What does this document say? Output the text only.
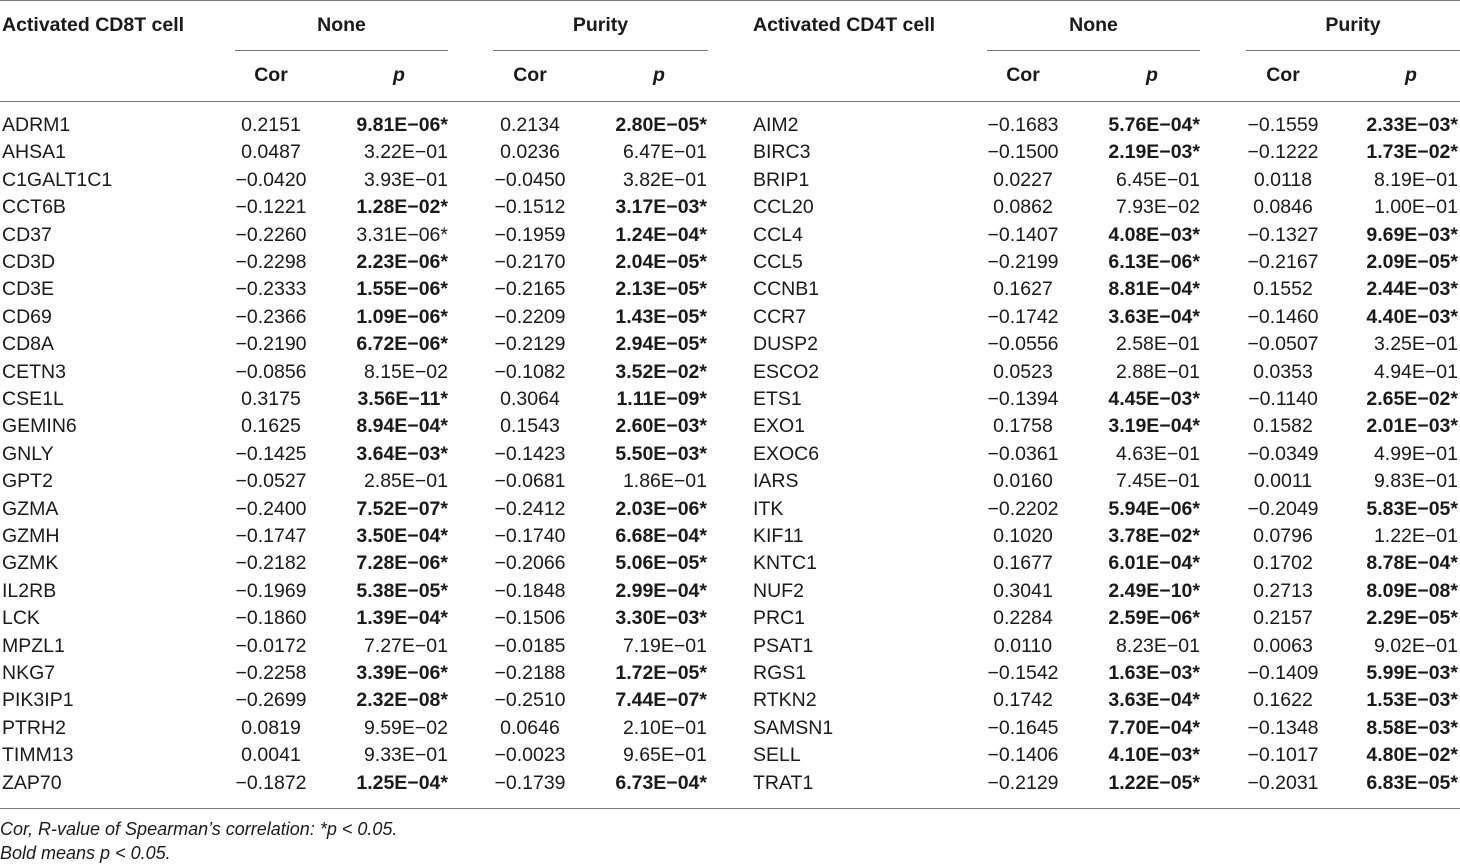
Activated CD8T cell	None	Purity	Activated CD4T cell	None	Purity
Cor	p	Cor	p	Cor	p	Cor	p
ADRM1	0.2151	9.81E−06*	0.2134	2.80E−05*
AHSA1	0.0487	3.22E−01	0.0236	6.47E−01
C1GALT1C1	−0.0420	3.93E−01 −0.0450	3.82E−01
CCT6B	−0.1221	1.28E−02* −0.1512	3.17E−03*
CD37	−0.2260	3.31E−06* −0.1959	1.24E−04*
CD3D	−0.2298	2.23E−06* −0.2170	2.04E−05*
CD3E	−0.2333	1.55E−06* −0.2165	2.13E−05*
CD69	−0.2366	1.09E−06* −0.2209	1.43E−05*
CD8A	−0.2190	6.72E−06* −0.2129	2.94E−05*
CETN3	−0.0856	8.15E−02 −0.1082	3.52E−02*
CSE1L	0.3175	3.56E−11*	0.3064	1.11E−09*
GEMIN6	0.1625	8.94E−04*	0.1543	2.60E−03*
GNLY	−0.1425	3.64E−03* −0.1423	5.50E−03*
GPT2	−0.0527	2.85E−01 −0.0681	1.86E−01
GZMA	−0.2400	7.52E−07* −0.2412	2.03E−06*
GZMH	−0.1747	3.50E−04* −0.1740	6.68E−04*
GZMK	−0.2182	7.28E−06* −0.2066	5.06E−05*
IL2RB	−0.1969	5.38E−05* −0.1848	2.99E−04*
LCK	−0.1860	1.39E−04* −0.1506	3.30E−03*
MPZL1	−0.0172	7.27E−01 −0.0185	7.19E−01
NKG7	−0.2258	3.39E−06* −0.2188	1.72E−05*
PIK3IP1	−0.2699	2.32E−08* −0.2510	7.44E−07*
PTRH2	0.0819	9.59E−02	0.0646	2.10E−01
TIMM13	0.0041	9.33E−01 −0.0023	9.65E−01
ZAP70	−0.1872	1.25E−04* −0.1739	6.73E−04*
AIM2	−0.1683	5.76E−04* −0.1559	2.33E−03*
BIRC3	−0.1500	2.19E−03* −0.1222	1.73E−02*
BRIP1	0.0227	6.45E−01	0.0118	8.19E−01
CCL20	0.0862	7.93E−02	0.0846	1.00E−01
CCL4	−0.1407	4.08E−03* −0.1327	9.69E−03*
CCL5	−0.2199	6.13E−06* −0.2167	2.09E−05*
CCNB1	0.1627	8.81E−04*	0.1552	2.44E−03*
CCR7	−0.1742	3.63E−04* −0.1460	4.40E−03*
DUSP2	−0.0556	2.58E−01 −0.0507	3.25E−01
ESCO2	0.0523	2.88E−01	0.0353	4.94E−01
ETS1	−0.1394	4.45E−03* −0.1140	2.65E−02*
EXO1	0.1758	3.19E−04*	0.1582	2.01E−03*
EXOC6	−0.0361	4.63E−01 −0.0349	4.99E−01
IARS	0.0160	7.45E−01	0.0011	9.83E−01
ITK	−0.2202	5.94E−06* −0.2049	5.83E−05*
KIF11	0.1020	3.78E−02*	0.0796	1.22E−01
KNTC1	0.1677	6.01E−04*	0.1702	8.78E−04*
NUF2	0.3041	2.49E−10*	0.2713	8.09E−08*
PRC1	0.2284	2.59E−06*	0.2157	2.29E−05*
PSAT1	0.0110	8.23E−01	0.0063	9.02E−01
RGS1	−0.1542	1.63E−03* −0.1409	5.99E−03*
RTKN2	0.1742	3.63E−04*	0.1622	1.53E−03*
SAMSN1	−0.1645	7.70E−04* −0.1348	8.58E−03*
SELL	−0.1406	4.10E−03* −0.1017	4.80E−02*
TRAT1	−0.2129	1.22E−05* −0.2031	6.83E−05*
Cor, R-value of Spearman’s correlation: *p < 0.05.
Bold means p < 0.05.
